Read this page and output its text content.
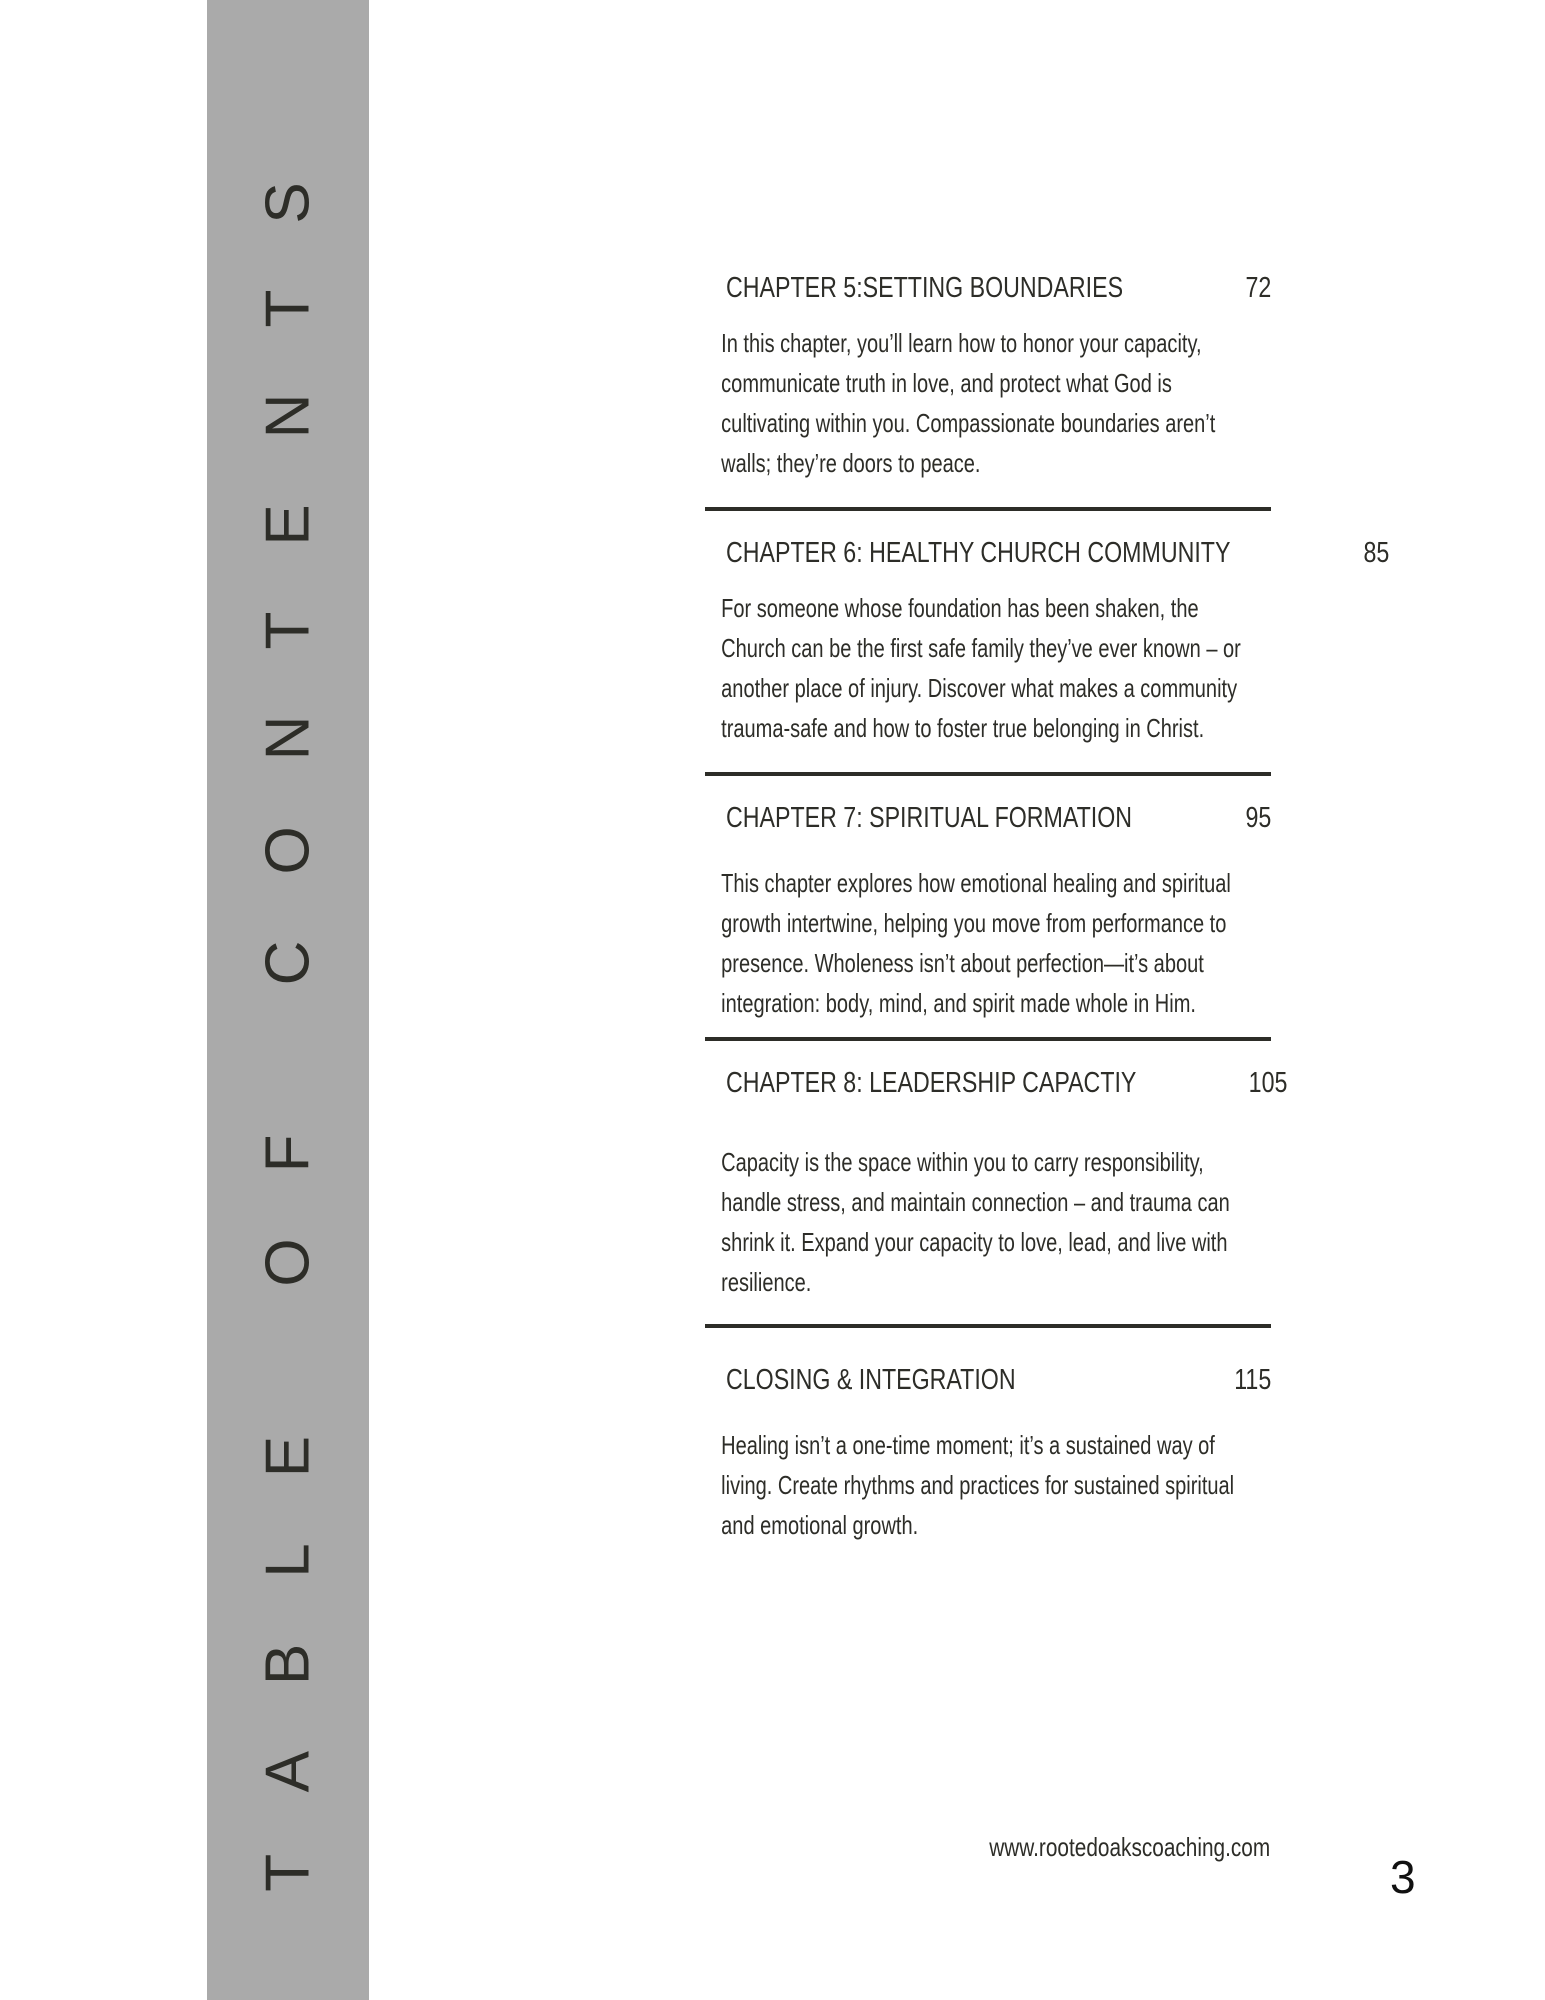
TABLE OF CONTENTS	CHAPTER 5:SETTING BOUNDARIES	72

In this chapter, you’ll learn how to honor your capacity, communicate truth in love, and protect what God is cultivating within you. Compassionate boundaries aren’t walls; they’re doors to peace.

CHAPTER 6: HEALTHY CHURCH COMMUNITY	85

For someone whose foundation has been shaken, the Church can be the first safe family they’ve ever known – or another place of injury. Discover what makes a community trauma-safe and how to foster true belonging in Christ.

CHAPTER 7: SPIRITUAL FORMATION	95

This chapter explores how emotional healing and spiritual growth intertwine, helping you move from performance to presence. Wholeness isn’t about perfection—it’s about integration: body, mind, and spirit made whole in Him.

CHAPTER 8: LEADERSHIP CAPACTIY	105

Capacity is the space within you to carry responsibility, handle stress, and maintain connection – and trauma can shrink it. Expand your capacity to love, lead, and live with resilience.

CLOSING & INTEGRATION	115

Healing isn’t a one-time moment; it’s a sustained way of living. Create rhythms and practices for sustained spiritual and emotional growth.

www.rootedoakscoaching.com
3
